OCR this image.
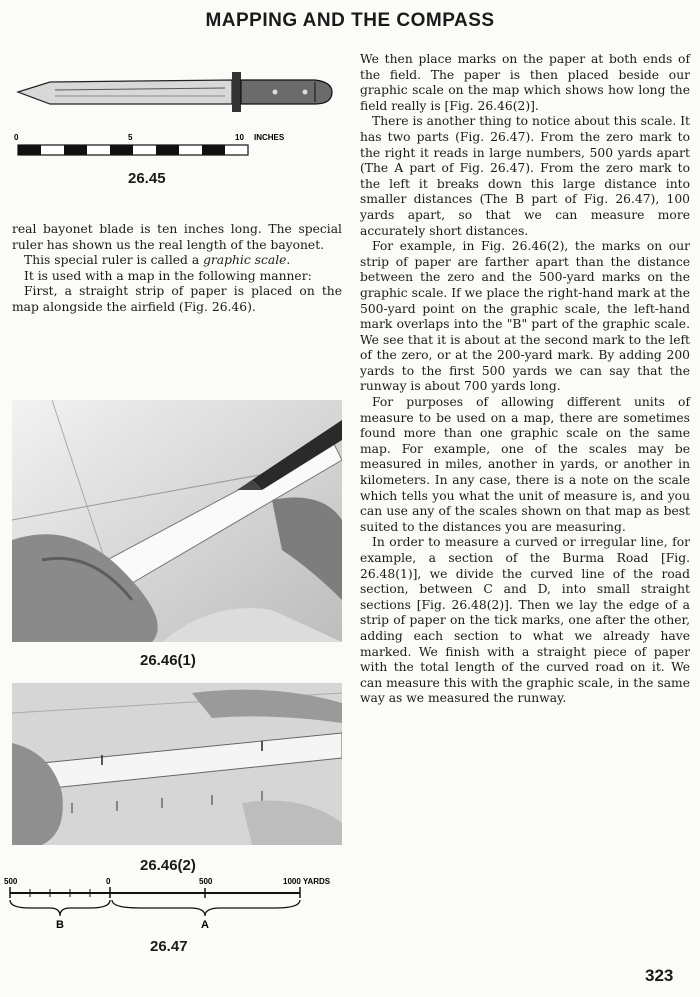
MAPPING AND THE COMPASS
0	5	10 INCHES
26.45

real bayonet blade is ten inches long. The special ruler has shown us the real length of the bayonet.

This special ruler is called a graphic scale.

It is used with a map in the following manner:

First, a straight strip of paper is placed on the map alongside the airfield (Fig. 26.46).

26.46(1)
26.46(2)
500	0	500	1000 YARDS
B	A
26.47

We then place marks on the paper at both ends of the field. The paper is then placed beside our graphic scale on the map which shows how long the field really is [Fig. 26.46(2)].

There is another thing to notice about this scale. It has two parts (Fig. 26.47). From the zero mark to the right it reads in large numbers, 500 yards apart (The A part of Fig. 26.47). From the zero mark to the left it breaks down this large distance into smaller distances (The B part of Fig. 26.47), 100 yards apart, so that we can measure more accurately short distances.

For example, in Fig. 26.46(2), the marks on our strip of paper are farther apart than the distance between the zero and the 500-yard marks on the graphic scale. If we place the right-hand mark at the 500-yard point on the graphic scale, the left-hand mark overlaps into the "B" part of the graphic scale. We see that it is about at the second mark to the left of the zero, or at the 200-yard mark. By adding 200 yards to the first 500 yards we can say that the runway is about 700 yards long.

For purposes of allowing different units of measure to be used on a map, there are sometimes found more than one graphic scale on the same map. For example, one of the scales may be measured in miles, another in yards, or another in kilometers. In any case, there is a note on the scale which tells you what the unit of measure is, and you can use any of the scales shown on that map as best suited to the distances you are measuring.

In order to measure a curved or irregular line, for example, a section of the Burma Road [Fig. 26.48(1)], we divide the curved line of the road section, between C and D, into small straight sections [Fig. 26.48(2)]. Then we lay the edge of a strip of paper on the tick marks, one after the other, adding each section to what we already have marked. We finish with a straight piece of paper with the total length of the curved road on it. We can measure this with the graphic scale, in the same way as we measured the runway.

323
